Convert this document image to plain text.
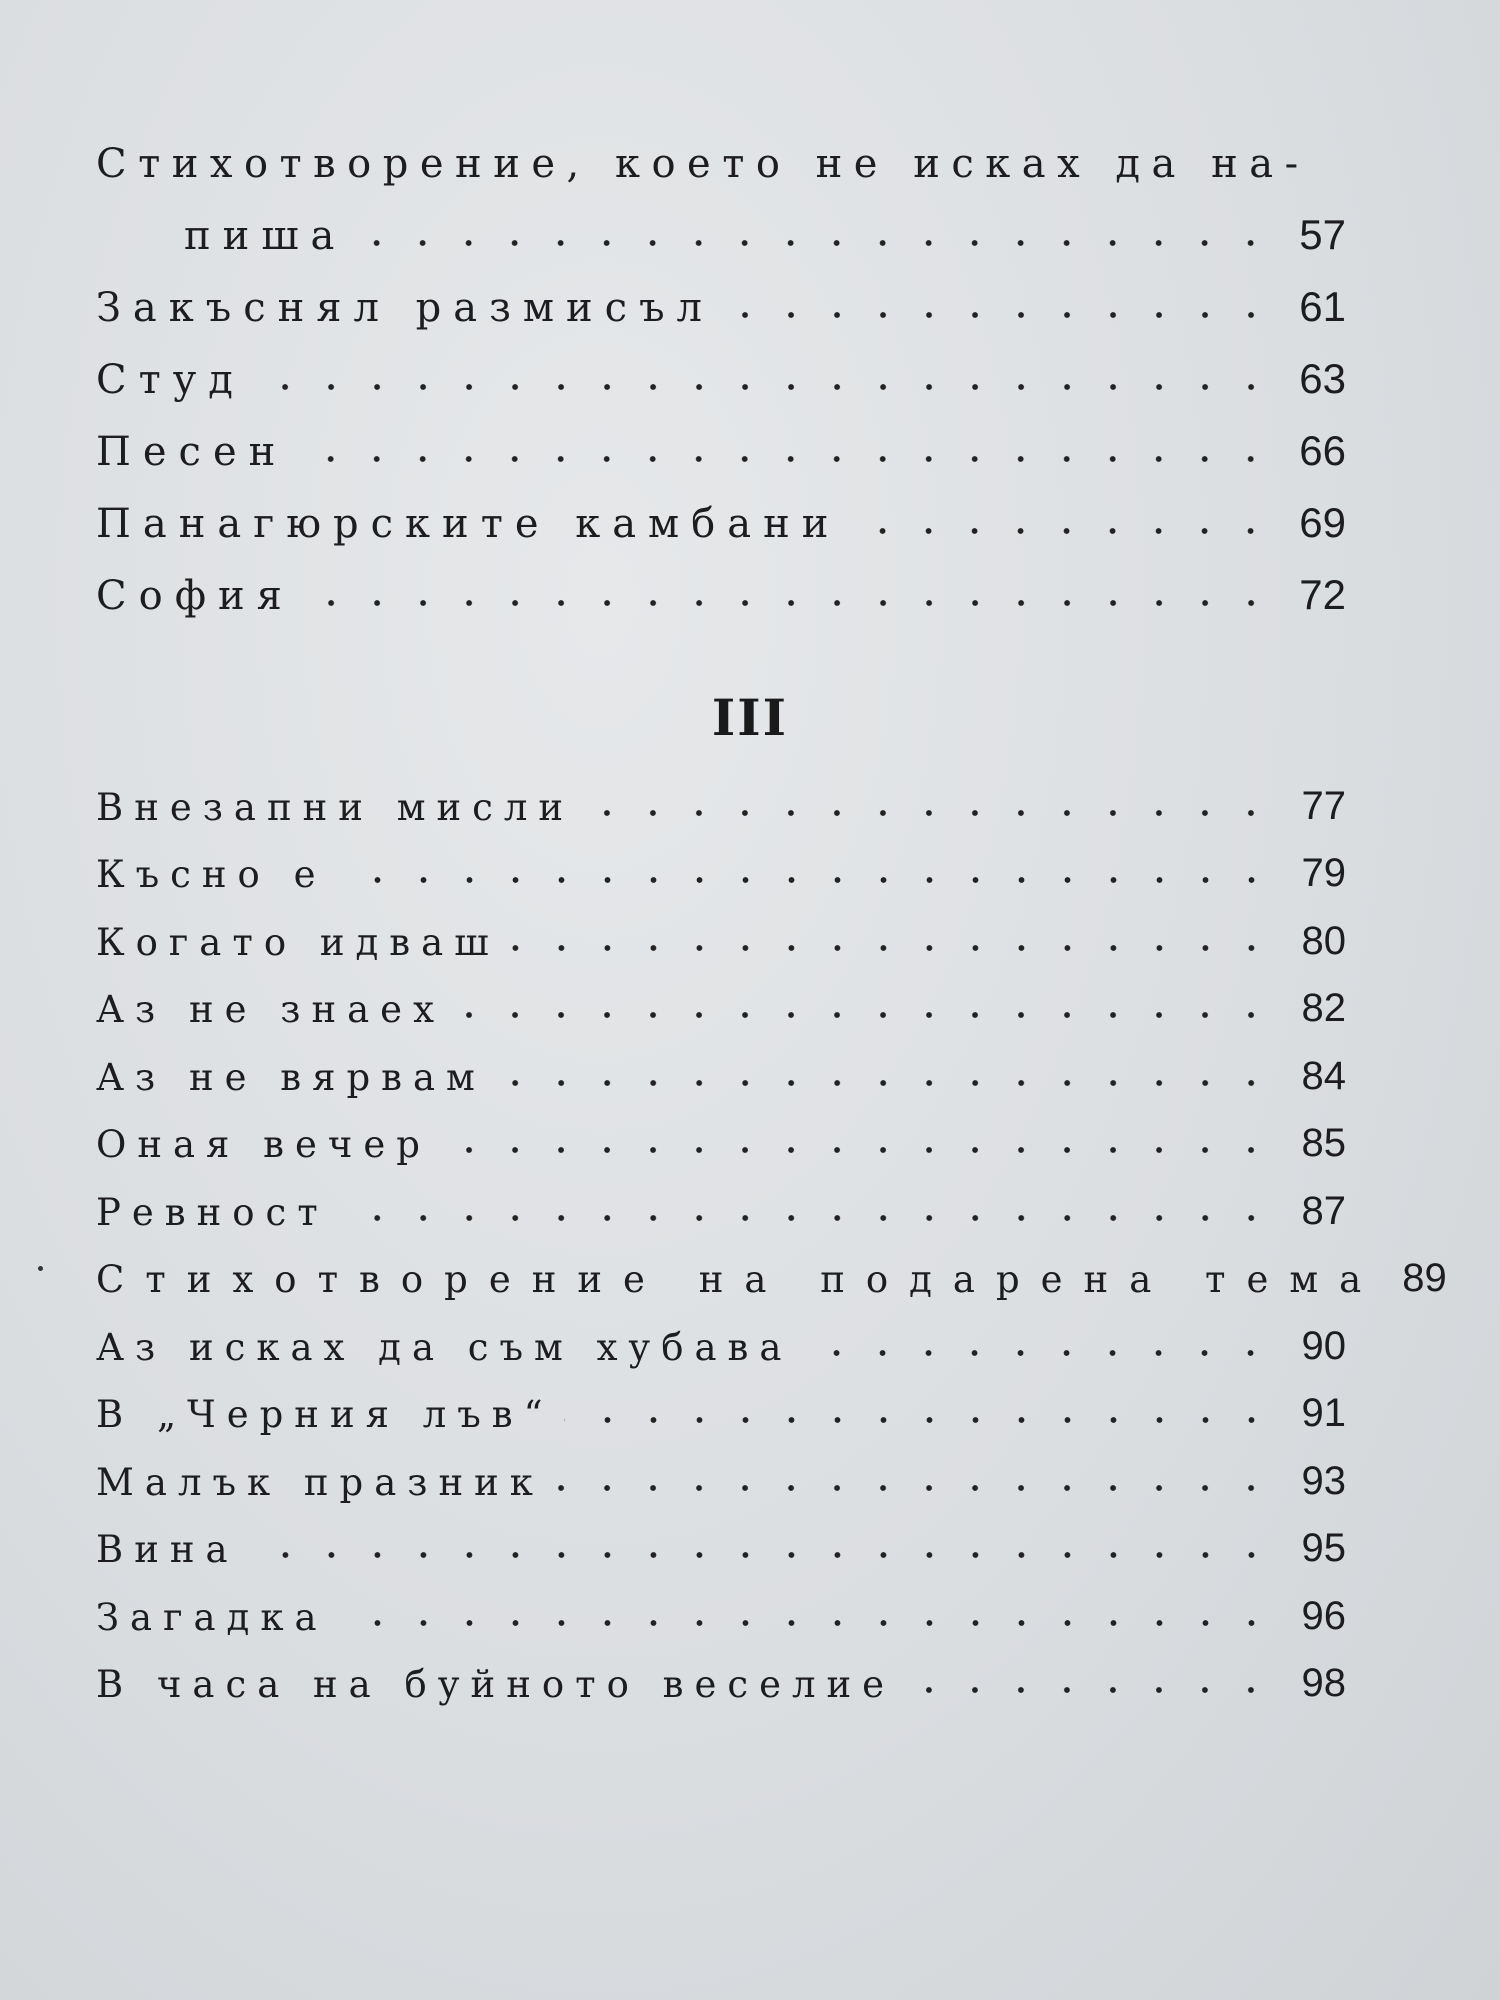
Стихотворение, което не исках да на-
пиша	57
Закъснял размисъл	61
Студ	63
Песен	66
Панагюрските камбани	69
София	72
III
Внезапни мисли	77
Късно е	79
Когато идваш	80
Аз не знаех	82
Аз не вярвам	84
Оная вечер	85
Ревност	87
Стихотворение на подарена тема 89
Аз исках да съм хубава	90
В „Черния лъв“	91
Малък празник	93
Вина	95
Загадка	96
В часа на буйното веселие	98
